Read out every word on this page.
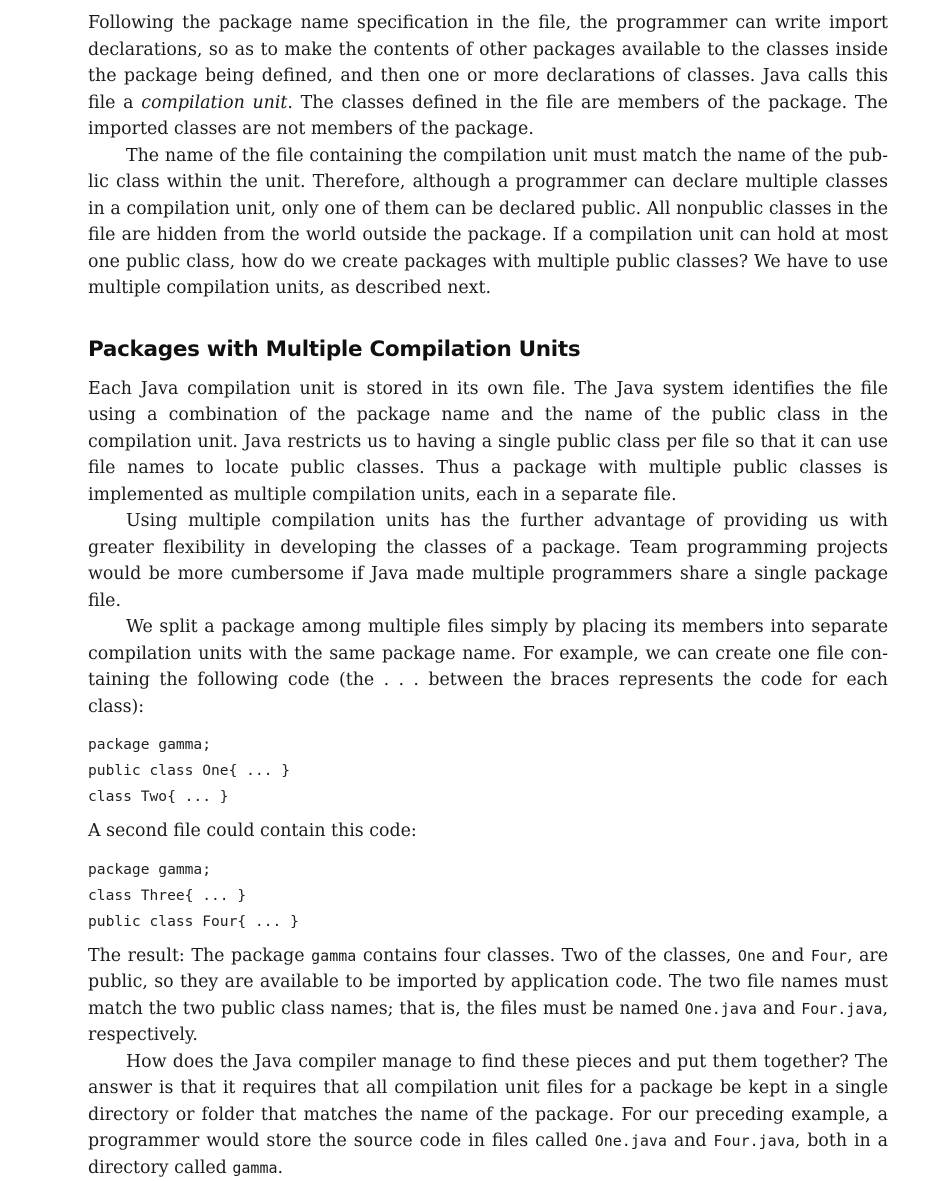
Following the package name specification in the file, the programmer can write import declarations, so as to make the contents of other packages available to the classes inside the package being defined, and then one or more declarations of classes. Java calls this file a compilation unit. The classes defined in the file are members of the package. The imported classes are not members of the package.

The name of the file containing the compilation unit must match the name of the public class within the unit. Therefore, although a programmer can declare multiple classes in a compilation unit, only one of them can be declared public. All nonpublic classes in the file are hidden from the world outside the package. If a compilation unit can hold at most one public class, how do we create packages with multiple public classes? We have to use multiple compilation units, as described next.

Packages with Multiple Compilation Units

Each Java compilation unit is stored in its own file. The Java system identifies the file using a combination of the package name and the name of the public class in the compilation unit. Java restricts us to having a single public class per file so that it can use file names to locate public classes. Thus a package with multiple public classes is implemented as multiple compilation units, each in a separate file.

Using multiple compilation units has the further advantage of providing us with greater flexibility in developing the classes of a package. Team programming projects would be more cumbersome if Java made multiple programmers share a single package file.

We split a package among multiple files simply by placing its members into separate compilation units with the same package name. For example, we can create one file containing the following code (the . . . between the braces represents the code for each class):

package gamma;
public class One{ ... }
class Two{ ... }

A second file could contain this code:

package gamma;
class Three{ ... }
public class Four{ ... }

The result: The package gamma contains four classes. Two of the classes, One and Four, are public, so they are available to be imported by application code. The two file names must match the two public class names; that is, the files must be named One.java and Four.java, respectively.

How does the Java compiler manage to find these pieces and put them together? The answer is that it requires that all compilation unit files for a package be kept in a single directory or folder that matches the name of the package. For our preceding example, a programmer would store the source code in files called One.java and Four.java, both in a directory called gamma.
